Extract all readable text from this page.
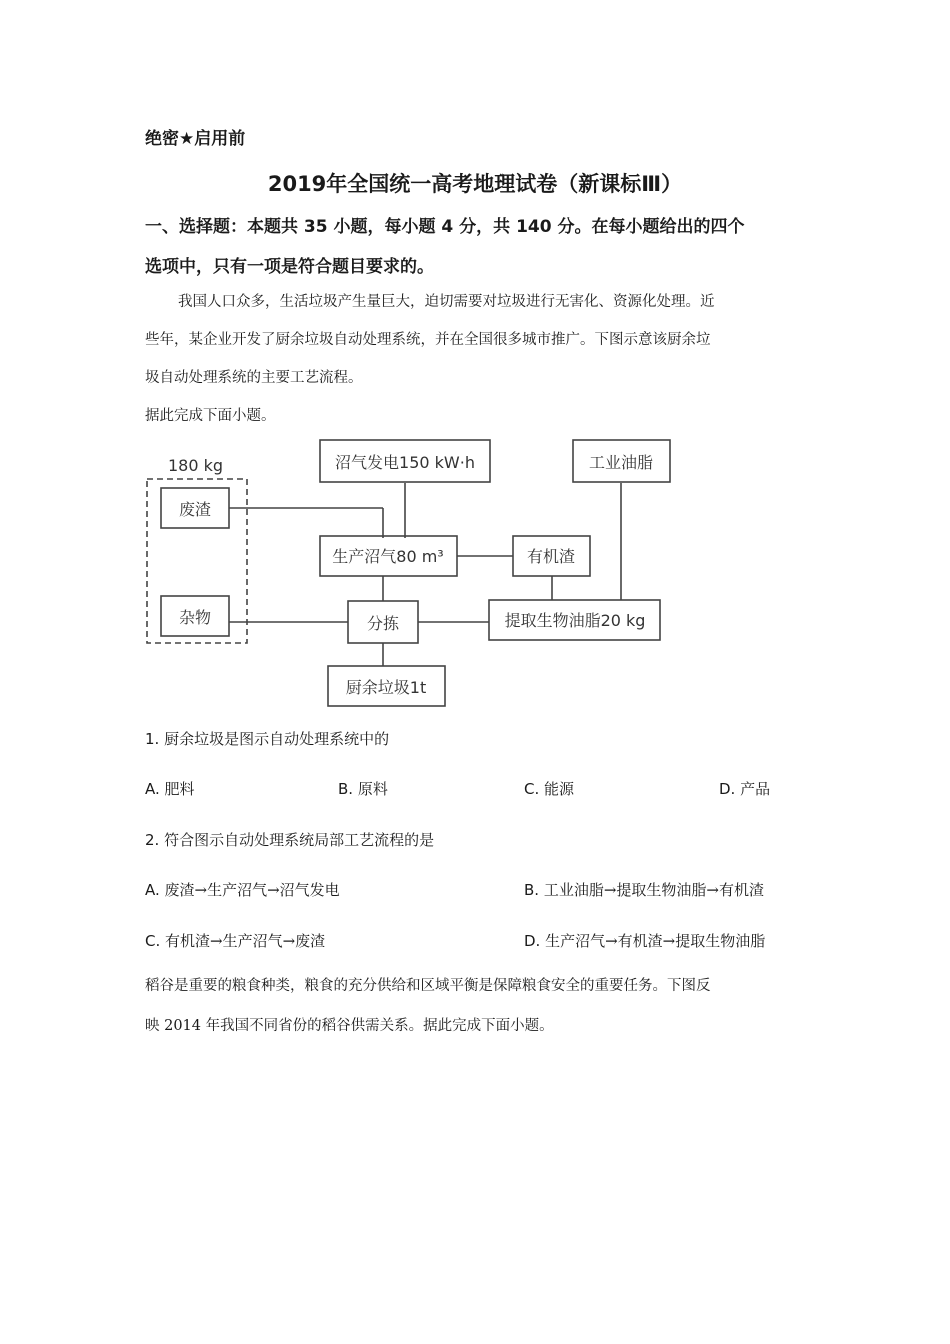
绝密★启用前
2019年全国统一高考地理试卷（新课标Ⅲ）
一、选择题：本题共 35 小题，每小题 4 分，共 140 分。在每小题给出的四个
选项中，只有一项是符合题目要求的。
我国人口众多，生活垃圾产生量巨大，迫切需要对垃圾进行无害化、资源化处理。近
些年，某企业开发了厨余垃圾自动处理系统，并在全国很多城市推广。下图示意该厨余垃
圾自动处理系统的主要工艺流程。
据此完成下面小题。
180 kg
废渣
杂物
沼气发电150 kW·h
生产沼气80 m³
分拣
厨余垃圾1t
有机渣
提取生物油脂20 kg
工业油脂
1. 厨余垃圾是图示自动处理系统中的
A. 肥料	B. 原料	C. 能源	D. 产品
2. 符合图示自动处理系统局部工艺流程的是
A. 废渣→生产沼气→沼气发电	B. 工业油脂→提取生物油脂→有机渣
C. 有机渣→生产沼气→废渣	D. 生产沼气→有机渣→提取生物油脂
稻谷是重要的粮食种类，粮食的充分供给和区域平衡是保障粮食安全的重要任务。下图反
映 2014 年我国不同省份的稻谷供需关系。据此完成下面小题。
